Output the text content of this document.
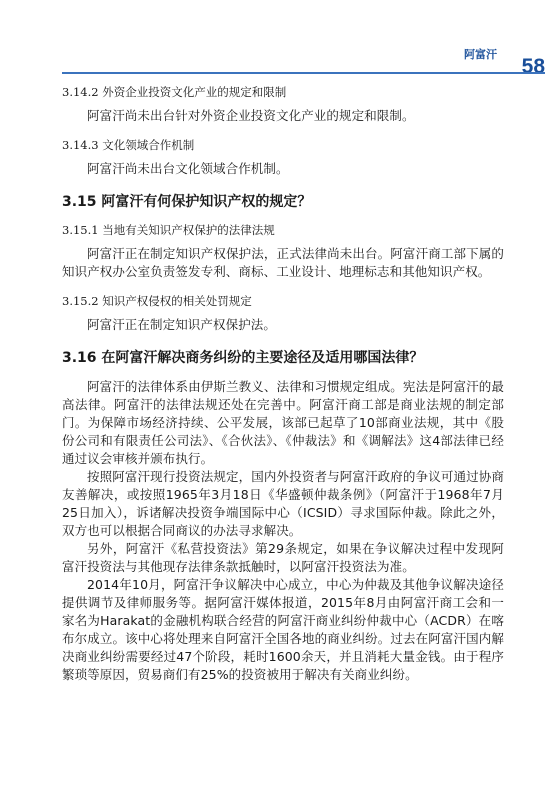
阿富汗
58

3.14.2 外资企业投资文化产业的规定和限制

阿富汗尚未出台针对外资企业投资文化产业的规定和限制。

3.14.3 文化领域合作机制

阿富汗尚未出台文化领域合作机制。

3.15 阿富汗有何保护知识产权的规定？

3.15.1 当地有关知识产权保护的法律法规

阿富汗正在制定知识产权保护法，正式法律尚未出台。阿富汗商工部下属的知识产权办公室负责签发专利、商标、工业设计、地理标志和其他知识产权。

3.15.2 知识产权侵权的相关处罚规定

阿富汗正在制定知识产权保护法。

3.16 在阿富汗解决商务纠纷的主要途径及适用哪国法律？

阿富汗的法律体系由伊斯兰教义、法律和习惯规定组成。宪法是阿富汗的最高法律。阿富汗的法律法规还处在完善中。阿富汗商工部是商业法规的制定部门。为保障市场经济持续、公平发展，该部已起草了10部商业法规，其中《股份公司和有限责任公司法》、《合伙法》、《仲裁法》和《调解法》这4部法律已经通过议会审核并颁布执行。

按照阿富汗现行投资法规定，国内外投资者与阿富汗政府的争议可通过协商友善解决，或按照1965年3月18日《华盛顿仲裁条例》（阿富汗于1968年7月25日加入），诉诸解决投资争端国际中心（ICSID）寻求国际仲裁。除此之外，双方也可以根据合同商议的办法寻求解决。

另外，阿富汗《私营投资法》第29条规定，如果在争议解决过程中发现阿富汗投资法与其他现存法律条款抵触时，以阿富汗投资法为准。

2014年10月，阿富汗争议解决中心成立，中心为仲裁及其他争议解决途径提供调节及律师服务等。据阿富汗媒体报道，2015年8月由阿富汗商工会和一家名为Harakat的金融机构联合经营的阿富汗商业纠纷仲裁中心（ACDR）在喀布尔成立。该中心将处理来自阿富汗全国各地的商业纠纷。过去在阿富汗国内解决商业纠纷需要经过47个阶段，耗时1600余天，并且消耗大量金钱。由于程序繁琐等原因，贸易商们有25%的投资被用于解决有关商业纠纷。
